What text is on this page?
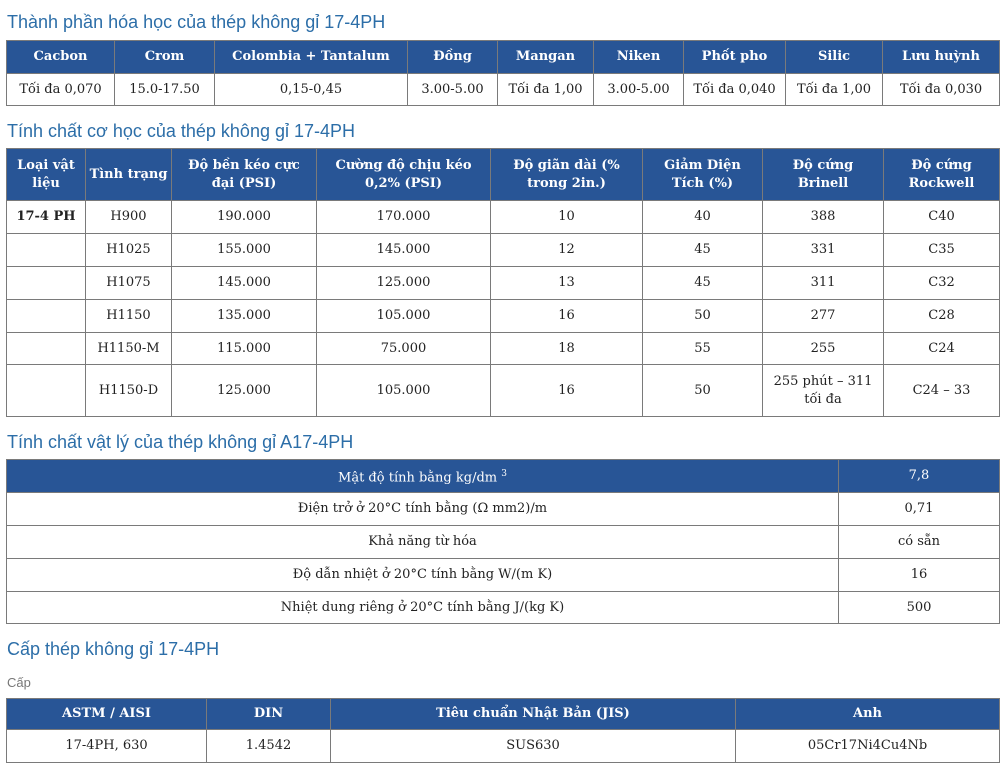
Thành phần hóa học của thép không gỉ 17-4PH
Cacbon	Crom	Colombia + Tantalum	Đồng	Mangan	Niken	Phốt pho	Silic	Lưu huỳnh
Tối đa 0,070	15.0-17.50	0,15-0,45	3.00-5.00	Tối đa 1,00	3.00-5.00	Tối đa 0,040	Tối đa 1,00	Tối đa 0,030
Tính chất cơ học của thép không gỉ 17-4PH
Loại vật liệu	Tình trạng	Độ bền kéo cực đại (PSI)	Cường độ chịu kéo 0,2% (PSI)	Độ giãn dài (% trong 2in.)	Giảm Diện Tích (%)	Độ cứng Brinell	Độ cứng Rockwell
17-4 PH	H900	190.000	170.000	10	40	388	C40
	H1025	155.000	145.000	12	45	331	C35
	H1075	145.000	125.000	13	45	311	C32
	H1150	135.000	105.000	16	50	277	C28
	H1150-M	115.000	75.000	18	55	255	C24
	H1150-D	125.000	105.000	16	50	255 phút – 311 tối đa	C24 – 33
Tính chất vật lý của thép không gỉ A17-4PH
Mật độ tính bằng kg/dm $^3$	7,8
Điện trở ở 20°C tính bằng (Ω mm2)/m	0,71
Khả năng từ hóa	có sẵn
Độ dẫn nhiệt ở 20°C tính bằng W/(m K)	16
Nhiệt dung riêng ở 20°C tính bằng J/(kg K)	500
Cấp thép không gỉ 17-4PH

Cấp

ASTM / AISI	DIN	Tiêu chuẩn Nhật Bản (JIS)	Anh
17-4PH, 630	1.4542	SUS630	05Cr17Ni4Cu4Nb
